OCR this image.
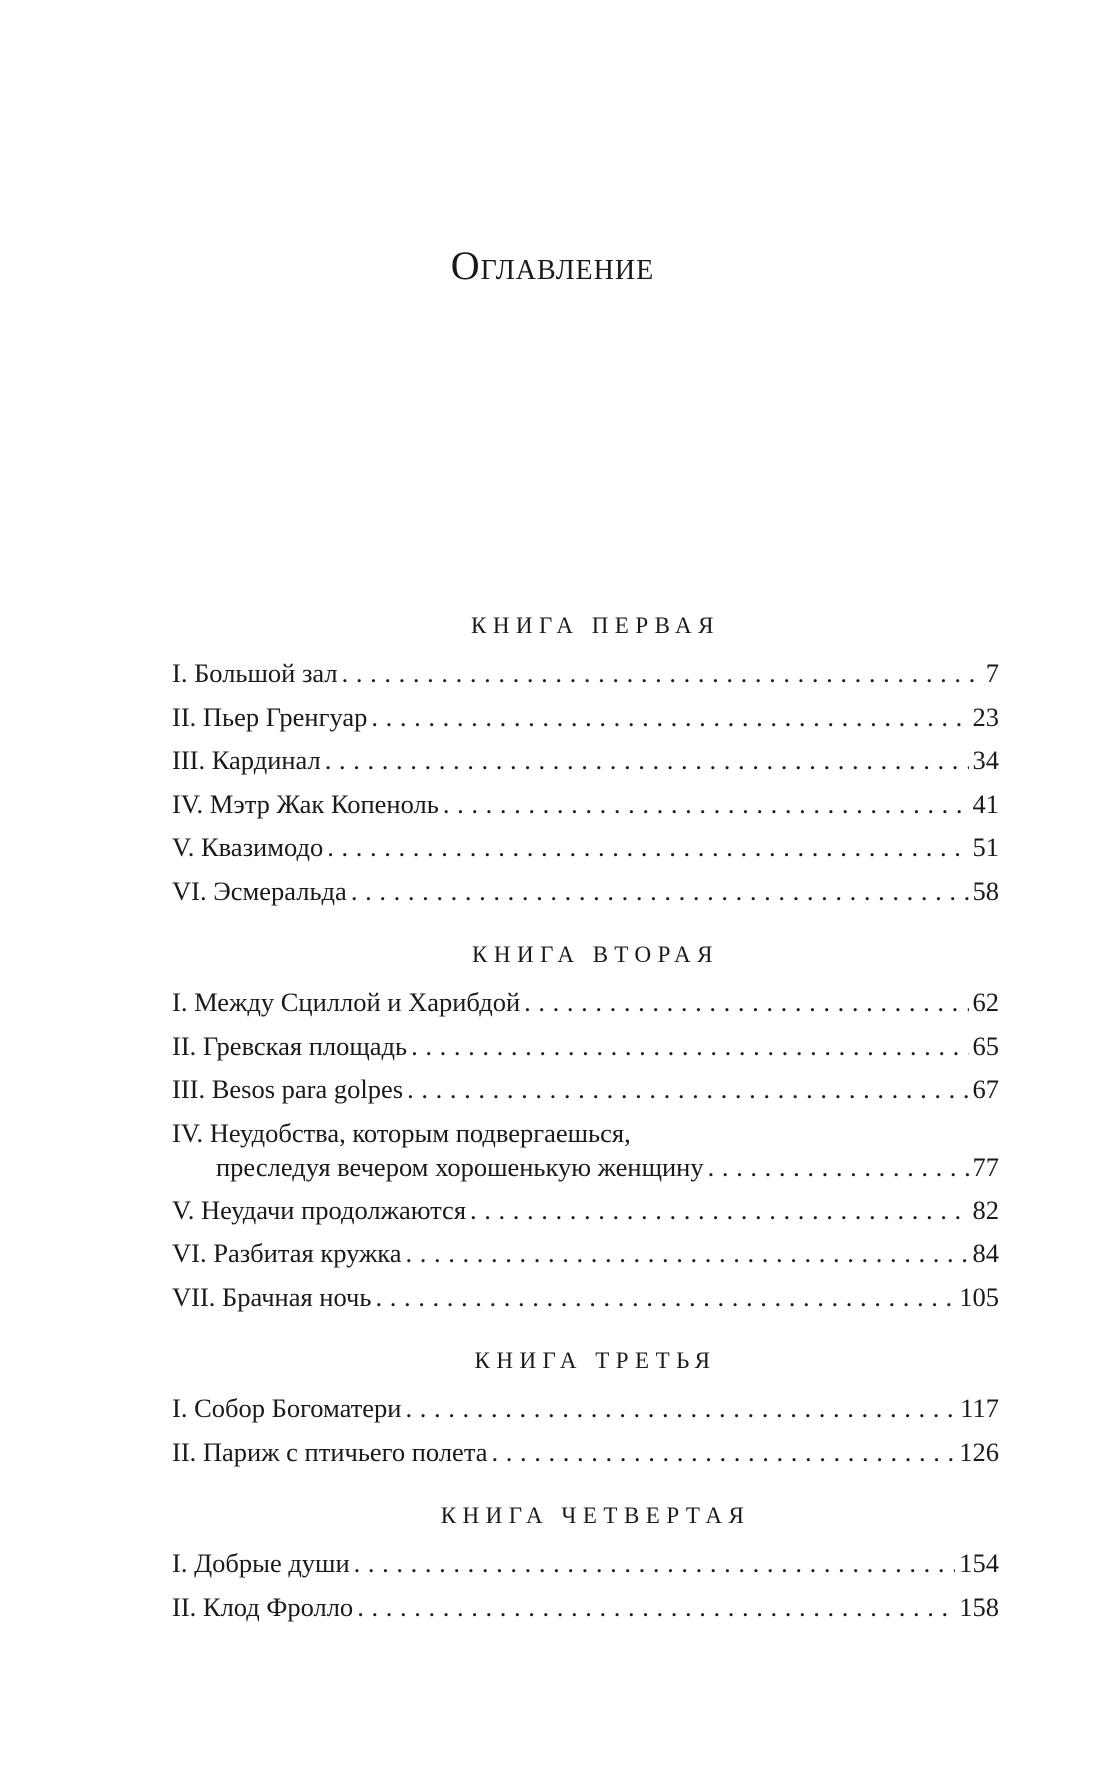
Оглавление
КНИГА ПЕРВАЯ
I. Большой зал . . .	7
II. Пьер Гренгуар . . .	23
III. Кардинал . . .	34
IV. Мэтр Жак Копеноль . . .	41
V. Квазимодо . . .	51
VI. Эсмеральда . . .	58
КНИГА ВТОРАЯ
I. Между Сциллой и Харибдой . . .	62
II. Гревская площадь . . .	65
III. Besos para golpes . . .	67
IV. Неудобства, которым подвергаешься,
преследуя вечером хорошенькую женщину . . .	77
V. Неудачи продолжаются . . .	82
VI. Разбитая кружка . . .	84
VII. Брачная ночь . . .	105
КНИГА ТРЕТЬЯ
I. Собор Богоматери . . .	117
II. Париж с птичьего полета . . .	126
КНИГА ЧЕТВЕРТАЯ
I. Добрые души . . .	154
II. Клод Фролло . . .	158
